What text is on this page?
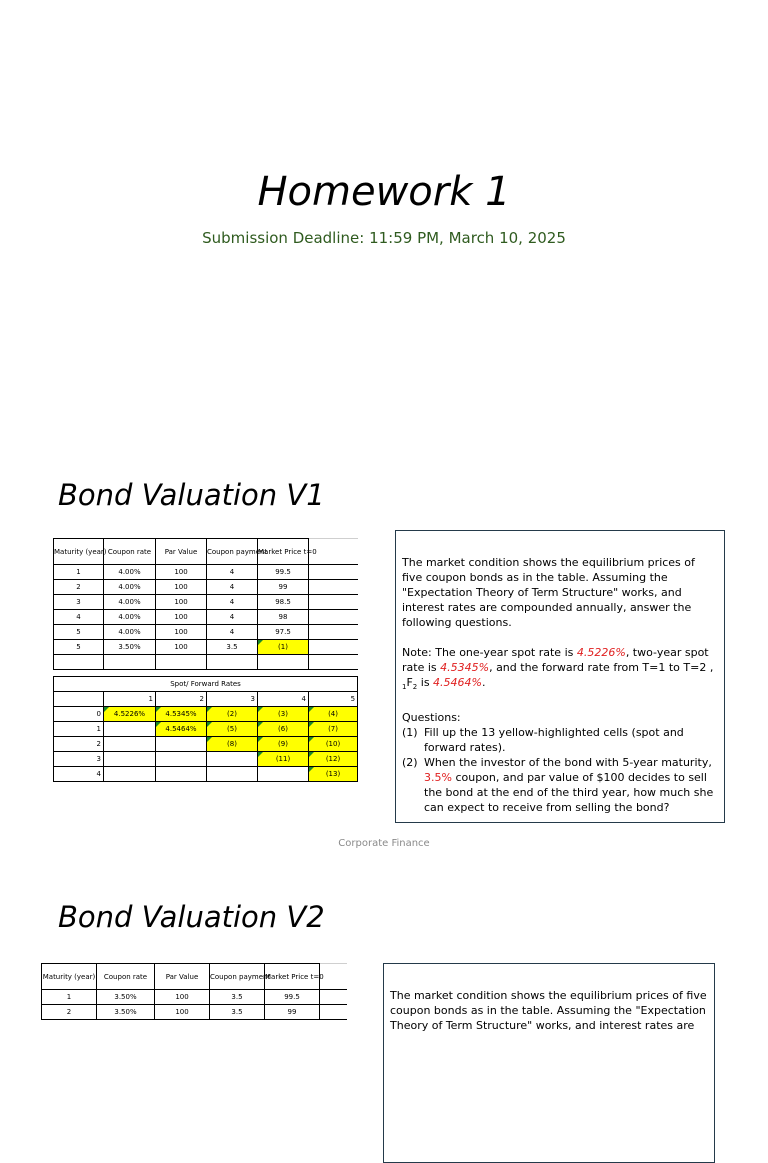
Homework 1
Submission Deadline: 11:59 PM, March 10, 2025
Bond Valuation V1
Maturity (year)	Coupon rate	Par Value	Coupon payment	Market Price t=0	
1	4.00%	100	4	99.5	
2	4.00%	100	4	99	
3	4.00%	100	4	98.5	
4	4.00%	100	4	98	
5	4.00%	100	4	97.5	
5	3.50%	100	3.5	(1)	

Spot/ Forward Rates					
	1	2	3	4	5
0	4.5226%	4.5345%	(2)	(3)	(4)
1		4.5464%	(5)	(6)	(7)
2			(8)	(9)	(10)
3				(11)	(12)
4					(13)

The market condition shows the equilibrium prices of five coupon bonds as in the table. Assuming the "Expectation Theory of Term Structure" works, and interest rates are compounded annually, answer the following questions.

Note: The one-year spot rate is 4.5226%, two-year spot rate is 4.5345%, and the forward rate from T=1 to T=2 , $_1F_2$ is 4.5464%.

Questions:
(1) Fill up the 13 yellow-highlighted cells (spot and forward rates).
(2) When the investor of the bond with 5-year maturity, 3.5% coupon, and par value of $100 decides to sell the bond at the end of the third year, how much she can expect to receive from selling the bond?
Corporate Finance
Bond Valuation V2
Maturity (year)	Coupon rate	Par Value	Coupon payment	Market Price t=0	
1	3.50%	100	3.5	99.5	
2	3.50%	100	3.5	99	

The market condition shows the equilibrium prices of five coupon bonds as in the table. Assuming the "Expectation Theory of Term Structure" works, and interest rates are
